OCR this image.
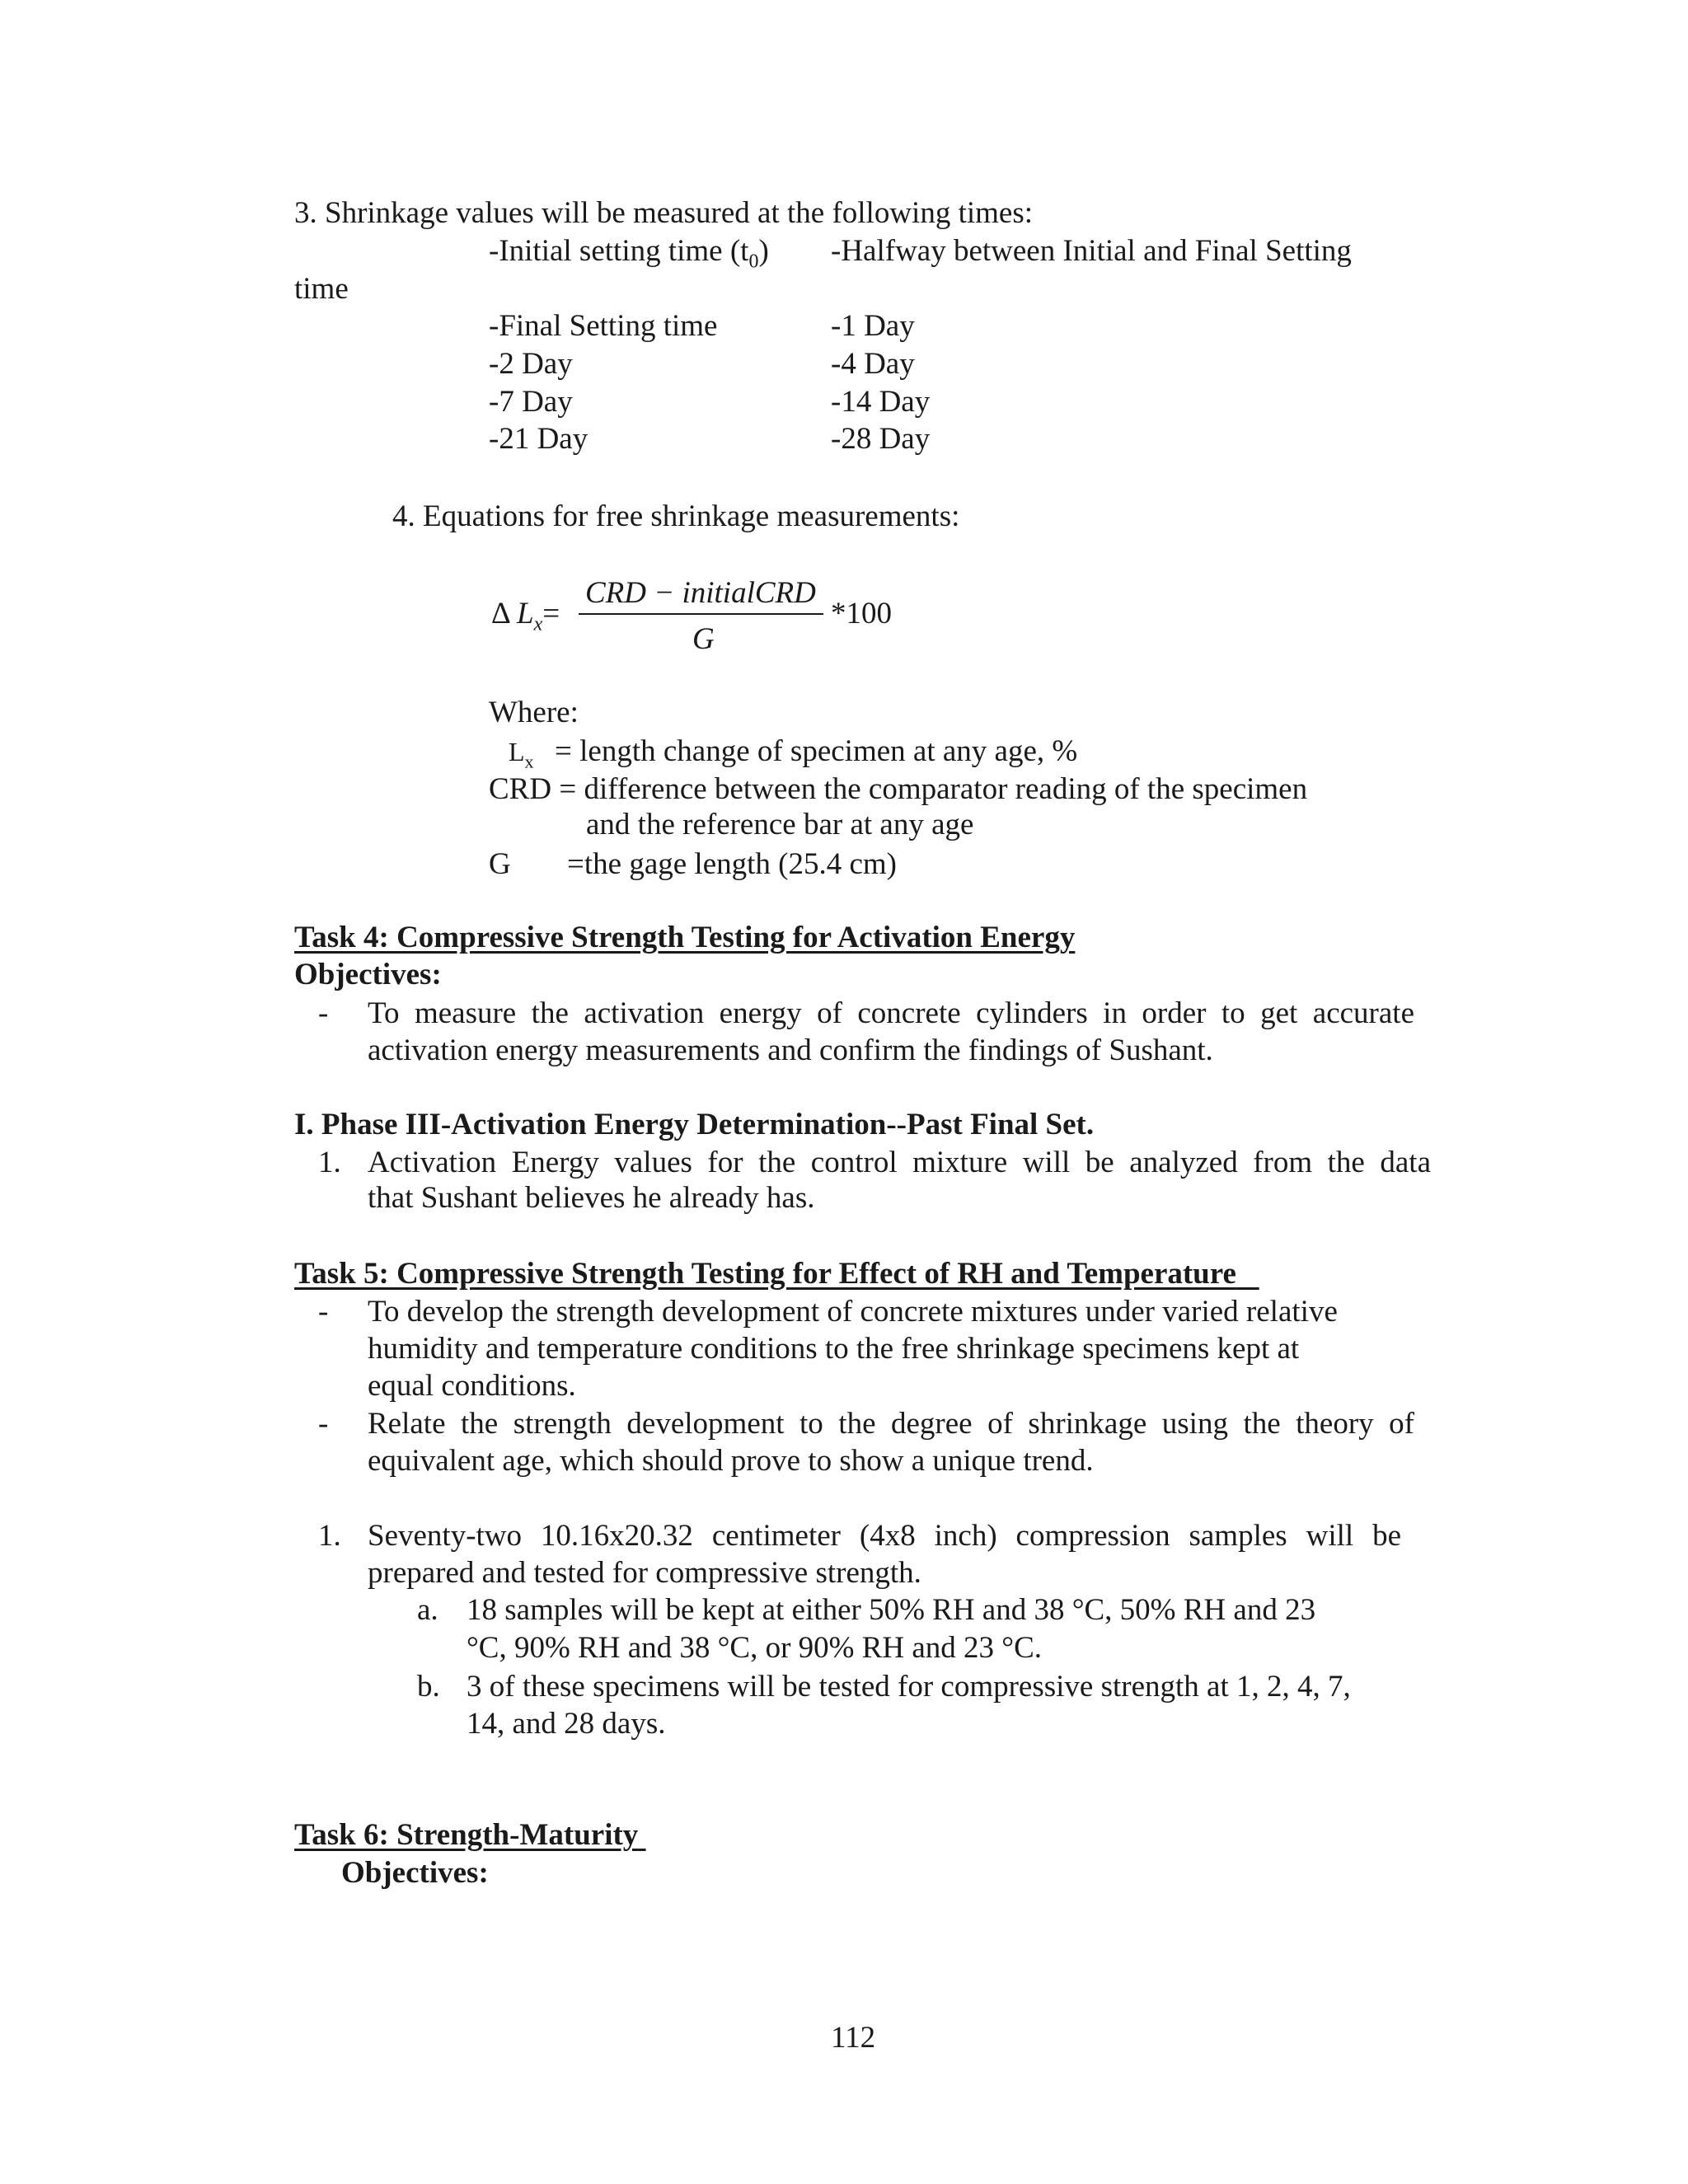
3. Shrinkage values will be measured at the following times:
-Initial setting time $(t_0)$ -Halfway between Initial and Final Setting
time
-Final Setting time	-1 Day
-2 Day	-4 Day
-7 Day	-14 Day
-21 Day	-28 Day
4. Equations for free shrinkage measurements:
Δ $L_x=$
CRD − initialCRD
G
*100
Where:
$L_x$ = length change of specimen at any age, %
CRD = difference between the comparator reading of the specimen
and the reference bar at any age
G =the gage length (25.4 cm)
Task 4: Compressive Strength Testing for Activation Energy
Objectives:
- To measure the activation energy of concrete cylinders in order to get accurate
activation energy measurements and confirm the findings of Sushant.
I. Phase III-Activation Energy Determination--Past Final Set.
1. Activation Energy values for the control mixture will be analyzed from the data
that Sushant believes he already has.
Task 5: Compressive Strength Testing for Effect of RH and Temperature
- To develop the strength development of concrete mixtures under varied relative
humidity and temperature conditions to the free shrinkage specimens kept at
equal conditions.
- Relate the strength development to the degree of shrinkage using the theory of
equivalent age, which should prove to show a unique trend.
1. Seventy-two 10.16x20.32 centimeter (4x8 inch) compression samples will be
prepared and tested for compressive strength.
a. 18 samples will be kept at either 50% RH and 38 °C, 50% RH and 23
°C, 90% RH and 38 °C, or 90% RH and 23 °C.
b. 3 of these specimens will be tested for compressive strength at 1, 2, 4, 7,
14, and 28 days.
Task 6: Strength-Maturity
Objectives:
112
